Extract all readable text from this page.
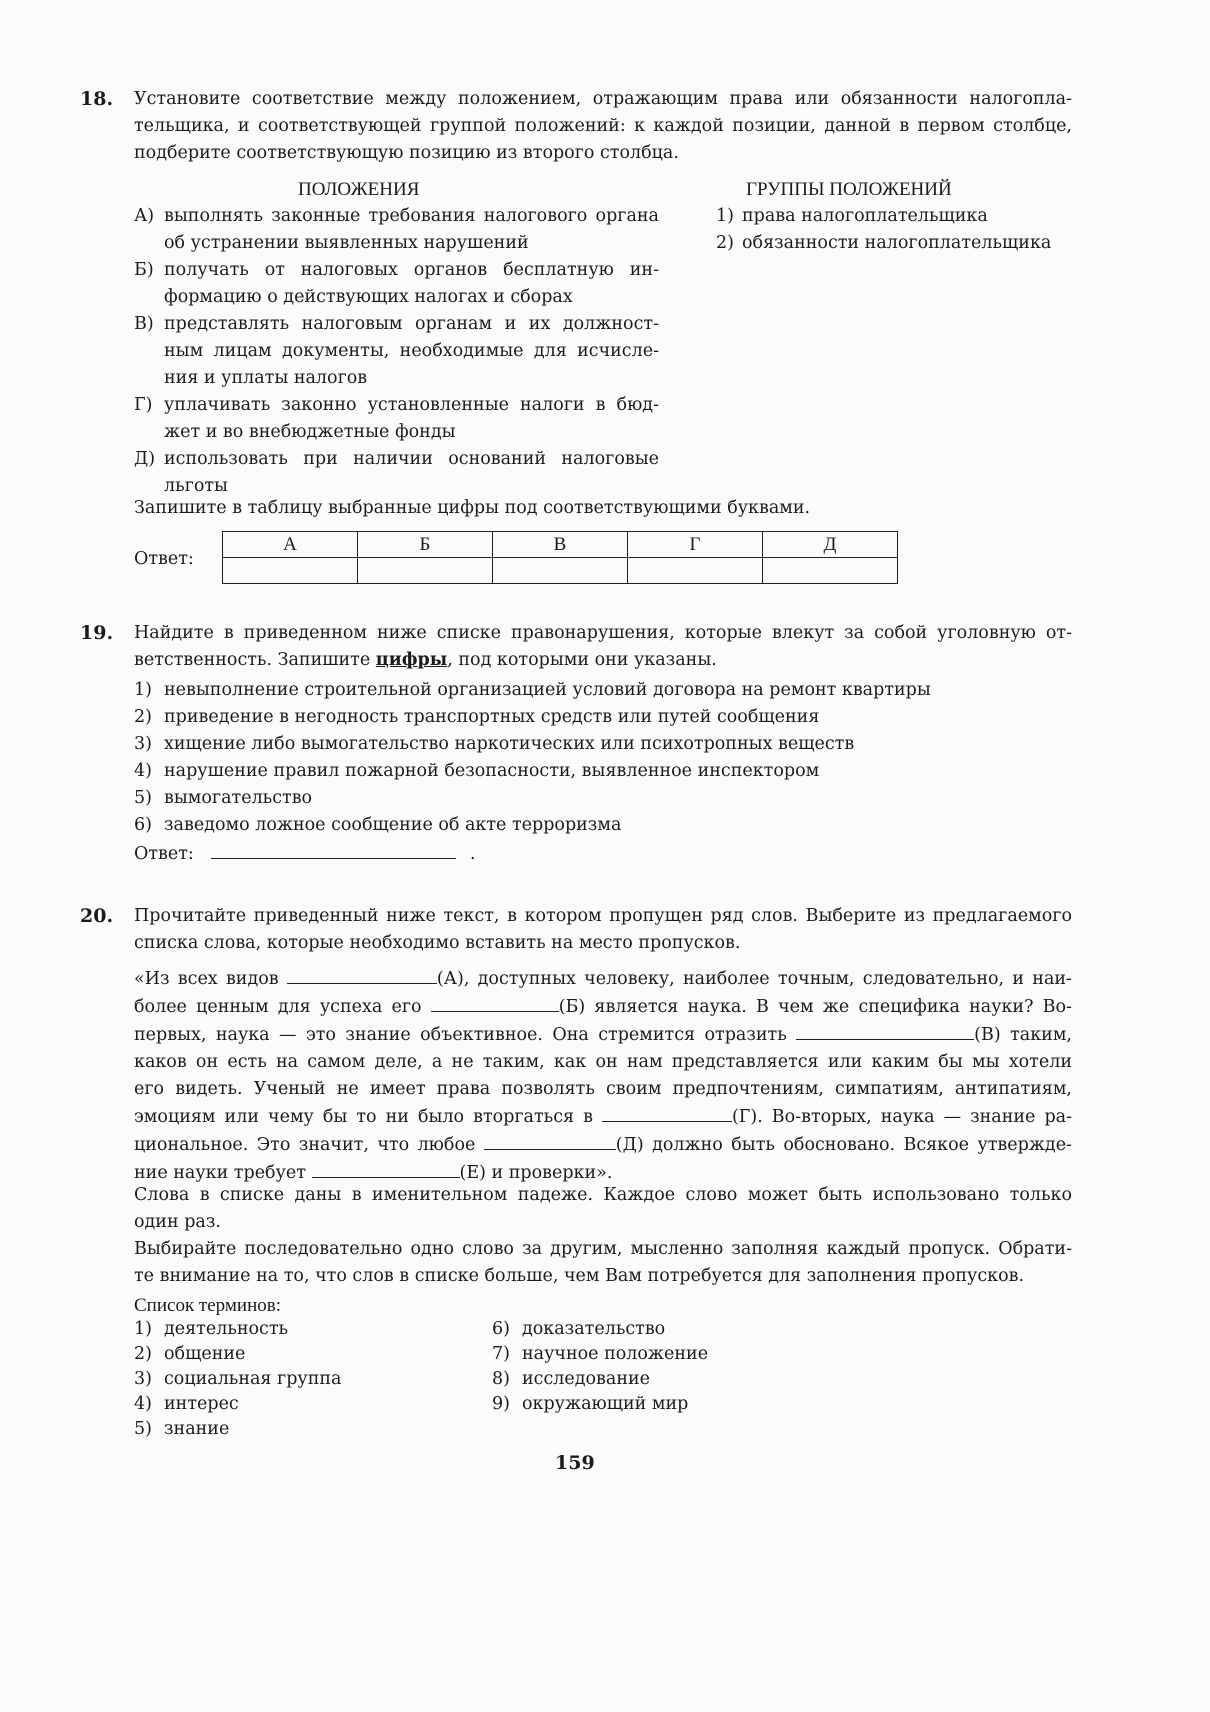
18. Установите соответствие между положением, отражающим права или обязанности налогопла-
тельщика, и соответствующей группой положений: к каждой позиции, данной в первом столбце,
подберите соответствующую позицию из второго столбца.
ПОЛОЖЕНИЯ	ГРУППЫ ПОЛОЖЕНИЙ
А) выполнять законные требования налогового органа
об устранении выявленных нарушений
Б) получать от налоговых органов бесплатную ин-
формацию о действующих налогах и сборах
В) представлять налоговым органам и их должност-
ным лицам документы, необходимые для исчисле-
ния и уплаты налогов
Г) уплачивать законно установленные налоги в бюд-
жет и во внебюджетные фонды
Д) использовать при наличии оснований налоговые
льготы
1) права налогоплательщика
2) обязанности налогоплательщика
Запишите в таблицу выбранные цифры под соответствующими буквами.
Ответ:
А	Б	В	Г	Д

19. Найдите в приведенном ниже списке правонарушения, которые влекут за собой уголовную от-
ветственность. Запишите цифры, под которыми они указаны.
1) невыполнение строительной организацией условий договора на ремонт квартиры
2) приведение в негодность транспортных средств или путей сообщения
3) хищение либо вымогательство наркотических или психотропных веществ
4) нарушение правил пожарной безопасности, выявленное инспектором
5) вымогательство
6) заведомо ложное сообщение об акте терроризма
Ответ:	.
20. Прочитайте приведенный ниже текст, в котором пропущен ряд слов. Выберите из предлагаемого
списка слова, которые необходимо вставить на место пропусков.
«Из всех видов	(А), доступных человеку, наиболее точным, следовательно, и наи-
более ценным для успеха его	(Б) является наука. В чем же специфика науки? Во-
первых, наука — это знание объективное. Она стремится отразить	(В) таким,
каков он есть на самом деле, а не таким, как он нам представляется или каким бы мы хотели
его видеть. Ученый не имеет права позволять своим предпочтениям, симпатиям, антипатиям,
эмоциям или чему бы то ни было вторгаться в	(Г). Во-вторых, наука — знание ра-
циональное. Это значит, что любое	(Д) должно быть обосновано. Всякое утвержде-
ние науки требует	(Е) и проверки».
Слова в списке даны в именительном падеже. Каждое слово может быть использовано только
один раз.
Выбирайте последовательно одно слово за другим, мысленно заполняя каждый пропуск. Обрати-
те внимание на то, что слов в списке больше, чем Вам потребуется для заполнения пропусков.
Список терминов:
1) деятельность
2) общение
3) социальная группа
4) интерес
5) знание
6) доказательство
7) научное положение
8) исследование
9) окружающий мир
159
